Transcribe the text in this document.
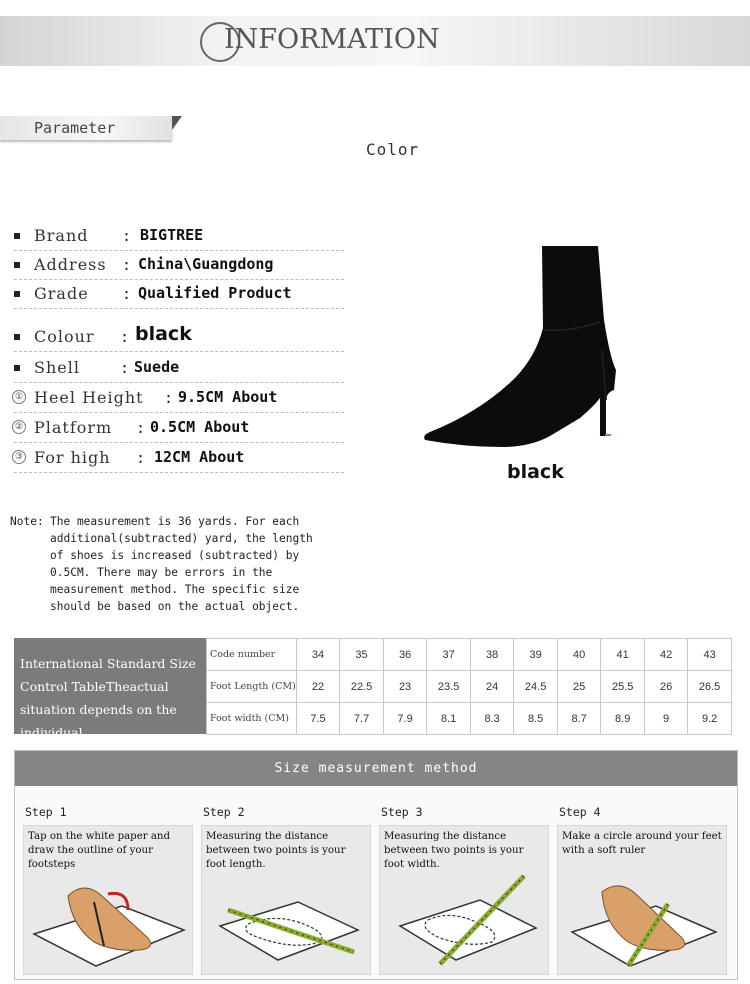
INFORMATION
Parameter
Color
Brand : BIGTREE
Address : China\Guangdong
Grade : Qualified Product
Colour : black
Shell	: Suede
① Heel Height : 9.5CM About
② Platform : 0.5CM About
③ For high : 12CM About
black
Note: The measurement is 36 yards. For each additional(subtracted) yard, the length of shoes is increased (subtracted) by 0.5CM. There may be errors in the measurement method. The specific size should be based on the actual object.
International Standard Size Control TableTheactual situation depends on the individual.
Code number	34	35	36	37	38	39	40	41	42	43
Foot Length (CM)	22	22.5	23	23.5	24	24.5	25	25.5	26	26.5
Foot width (CM)	7.5	7.7	7.9	8.1	8.3	8.5	8.7	8.9	9	9.2
Size measurement method
Step 1
Tap on the white paper and draw the outline of your footsteps
Step 2
Measuring the distance between two points is your foot length.
Step 3
Measuring the distance between two points is your foot width.
Step 4
Make a circle around your feet with a soft ruler
